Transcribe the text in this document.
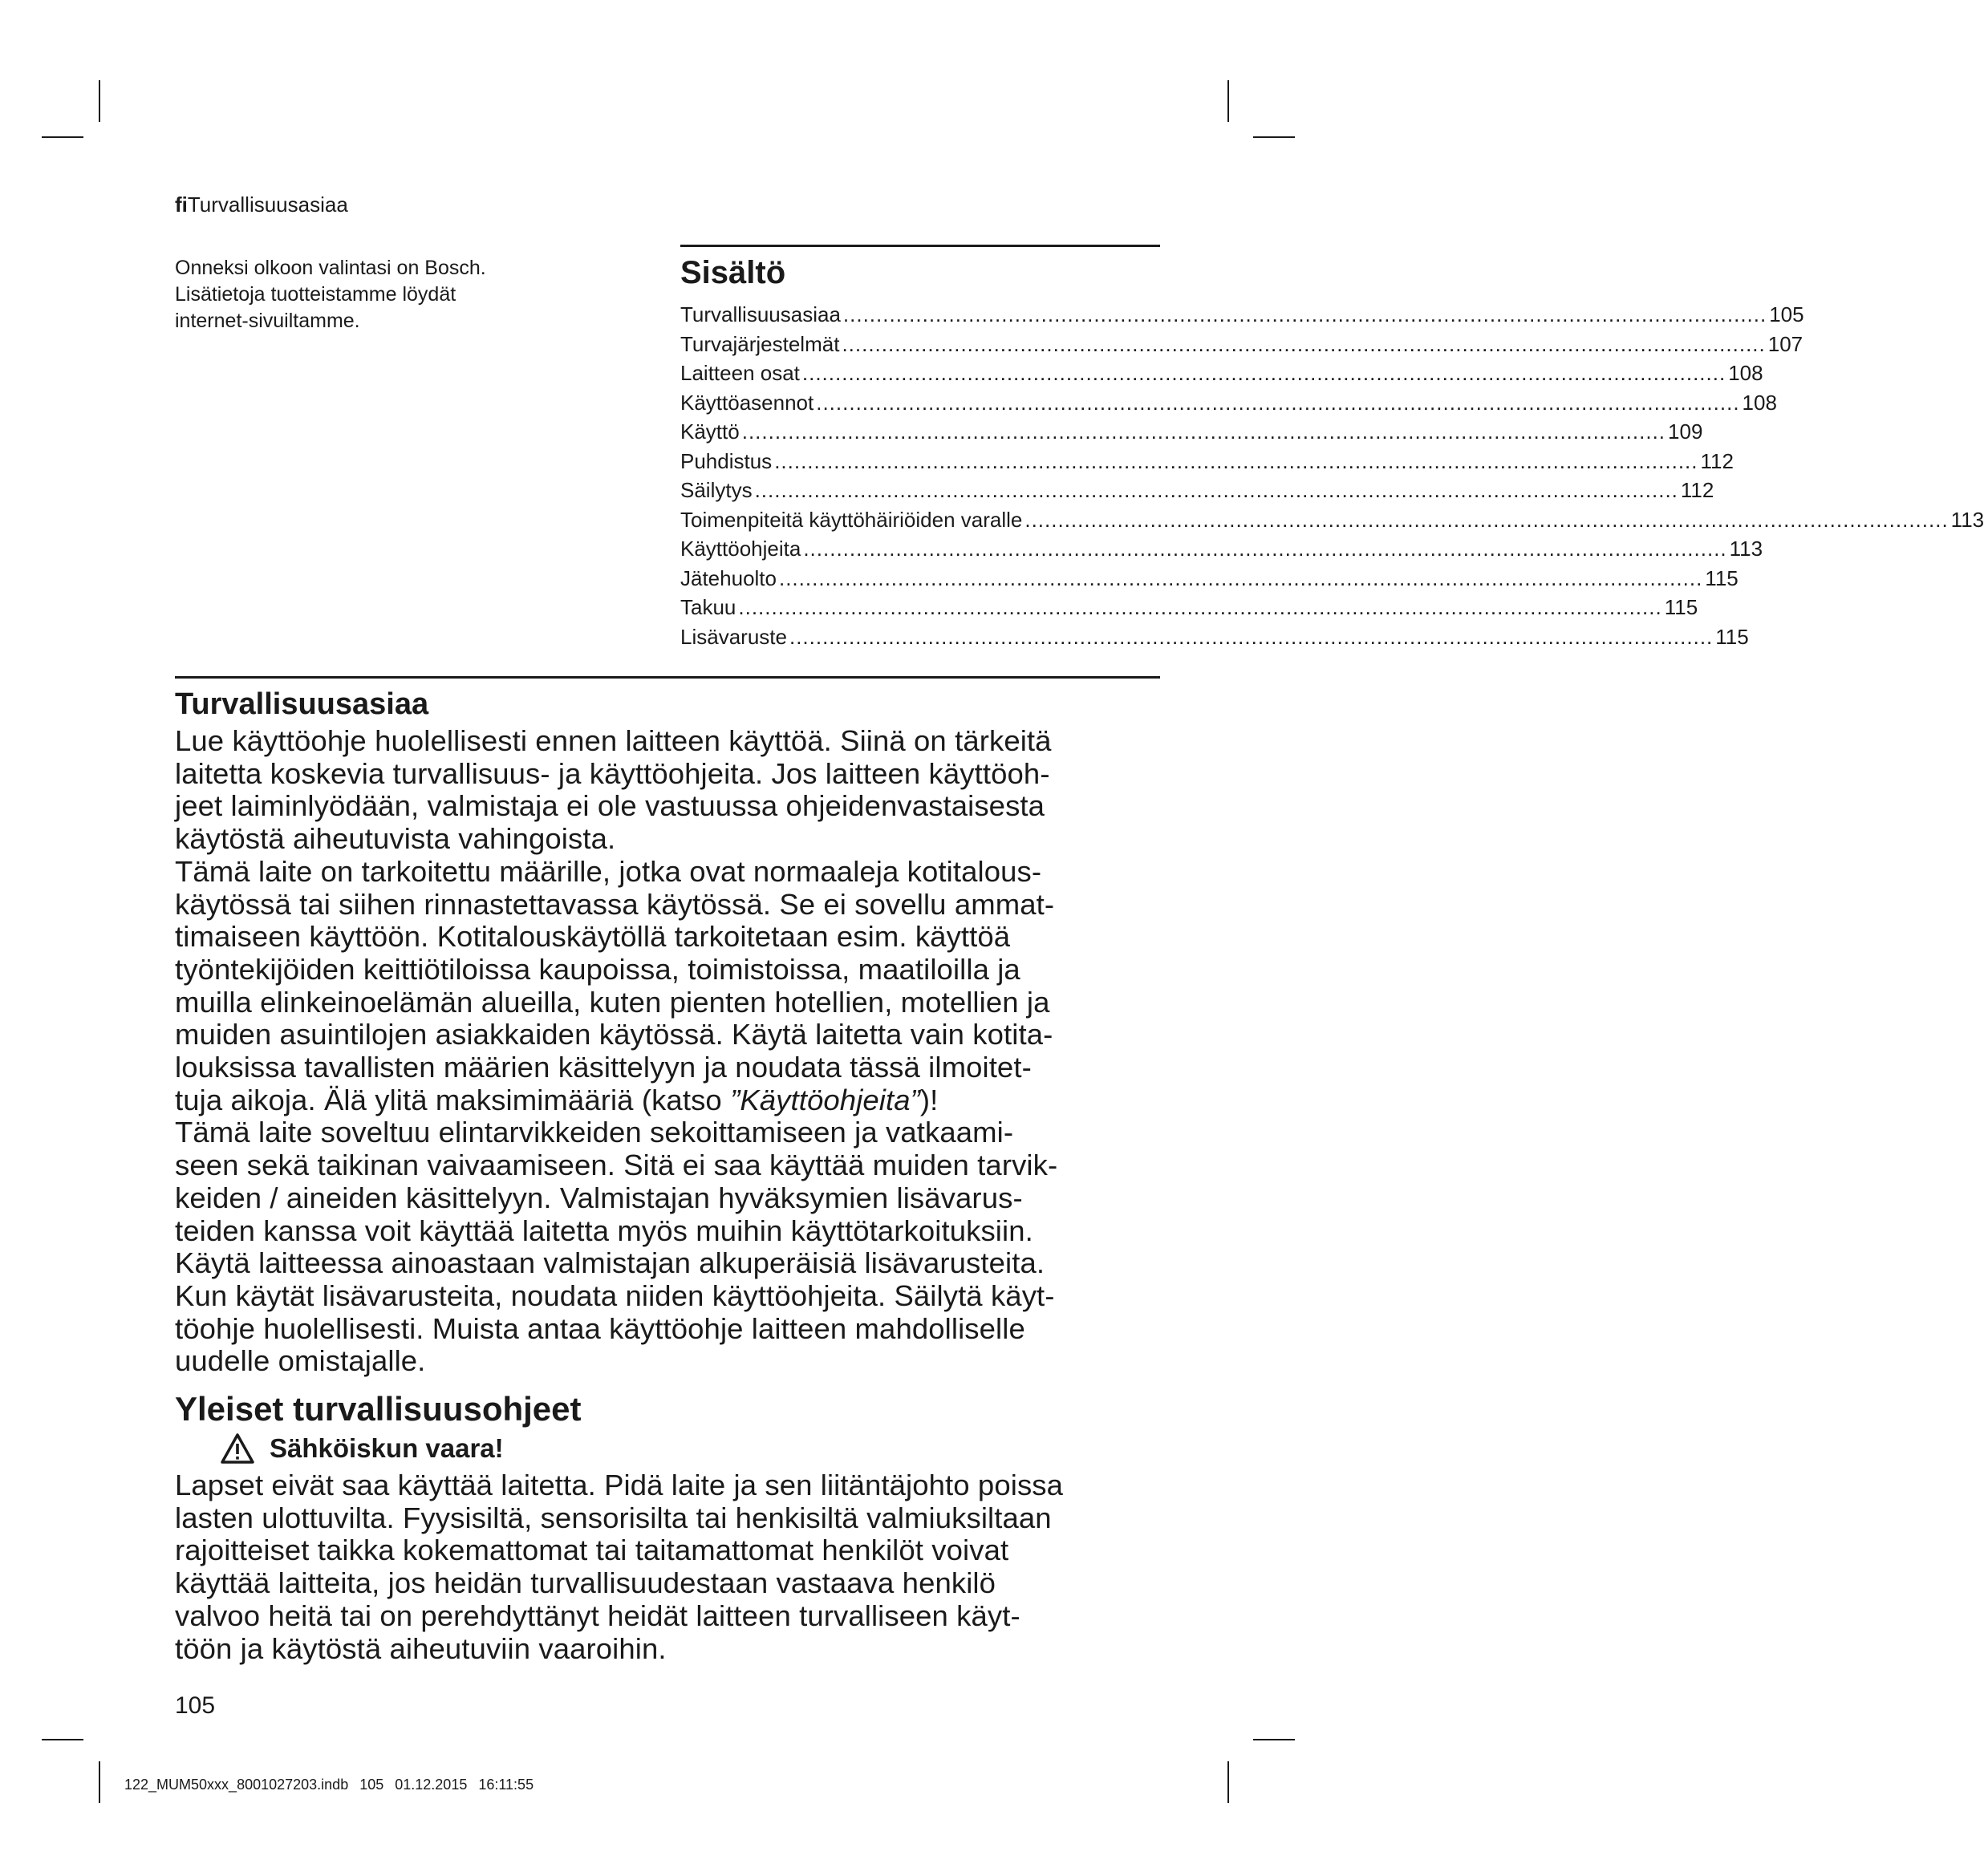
fiTurvallisuusasiaa
Onneksi olkoon valintasi on Bosch.
Lisätietoja tuotteistamme löydät
internet-sivuiltamme.
Sisältö
Turvallisuusasiaa ............................................................................................................................................ 105
Turvajärjestelmät ............................................................................................................................................ 107
Laitteen osat ............................................................................................................................................ 108
Käyttöasennot ............................................................................................................................................ 108
Käyttö ............................................................................................................................................ 109
Puhdistus ............................................................................................................................................ 112
Säilytys ............................................................................................................................................ 112
Toimenpiteitä käyttöhäiriöiden varalle ............................................................................................................................................ 113
Käyttöohjeita ............................................................................................................................................ 113
Jätehuolto ............................................................................................................................................ 115
Takuu ............................................................................................................................................ 115
Lisävaruste ............................................................................................................................................ 115
Turvallisuusasiaa
Lue käyttöohje huolellisesti ennen laitteen käyttöä. Siinä on tärkeitä
laitetta koskevia turvallisuus- ja käyttöohjeita. Jos laitteen käyttöoh-
jeet laiminlyödään, valmistaja ei ole vastuussa ohjeidenvastaisesta
käytöstä aiheutuvista vahingoista.
Tämä laite on tarkoitettu määrille, jotka ovat normaaleja kotitalous-
käytössä tai siihen rinnastettavassa käytössä. Se ei sovellu ammat-
timaiseen käyttöön. Kotitalouskäytöllä tarkoitetaan esim. käyttöä
työntekijöiden keittiötiloissa kaupoissa, toimistoissa, maatiloilla ja
muilla elinkeinoelämän alueilla, kuten pienten hotellien, motellien ja
muiden asuintilojen asiakkaiden käytössä. Käytä laitetta vain kotita-
louksissa tavallisten määrien käsittelyyn ja noudata tässä ilmoitet-
tuja aikoja. Älä ylitä maksimimääriä (katso ”Käyttöohjeita”)!
Tämä laite soveltuu elintarvikkeiden sekoittamiseen ja vatkaami-
seen sekä taikinan vaivaamiseen. Sitä ei saa käyttää muiden tarvik-
keiden / aineiden käsittelyyn. Valmistajan hyväksymien lisävarus-
teiden kanssa voit käyttää laitetta myös muihin käyttötarkoituksiin.
Käytä laitteessa ainoastaan valmistajan alkuperäisiä lisävarusteita.
Kun käytät lisävarusteita, noudata niiden käyttöohjeita. Säilytä käyt-
töohje huolellisesti. Muista antaa käyttöohje laitteen mahdolliselle
uudelle omistajalle.
Yleiset turvallisuusohjeet
Sähköiskun vaara!
Lapset eivät saa käyttää laitetta. Pidä laite ja sen liitäntäjohto poissa
lasten ulottuvilta. Fyysisiltä, sensorisilta tai henkisiltä valmiuksiltaan
rajoitteiset taikka kokemattomat tai taitamattomat henkilöt voivat
käyttää laitteita, jos heidän turvallisuudestaan vastaava henkilö
valvoo heitä tai on perehdyttänyt heidät laitteen turvalliseen käyt-
töön ja käytöstä aiheutuviin vaaroihin.
105
122_MUM50xxx_8001027203.indb 105 01.12.2015 16:11:55
